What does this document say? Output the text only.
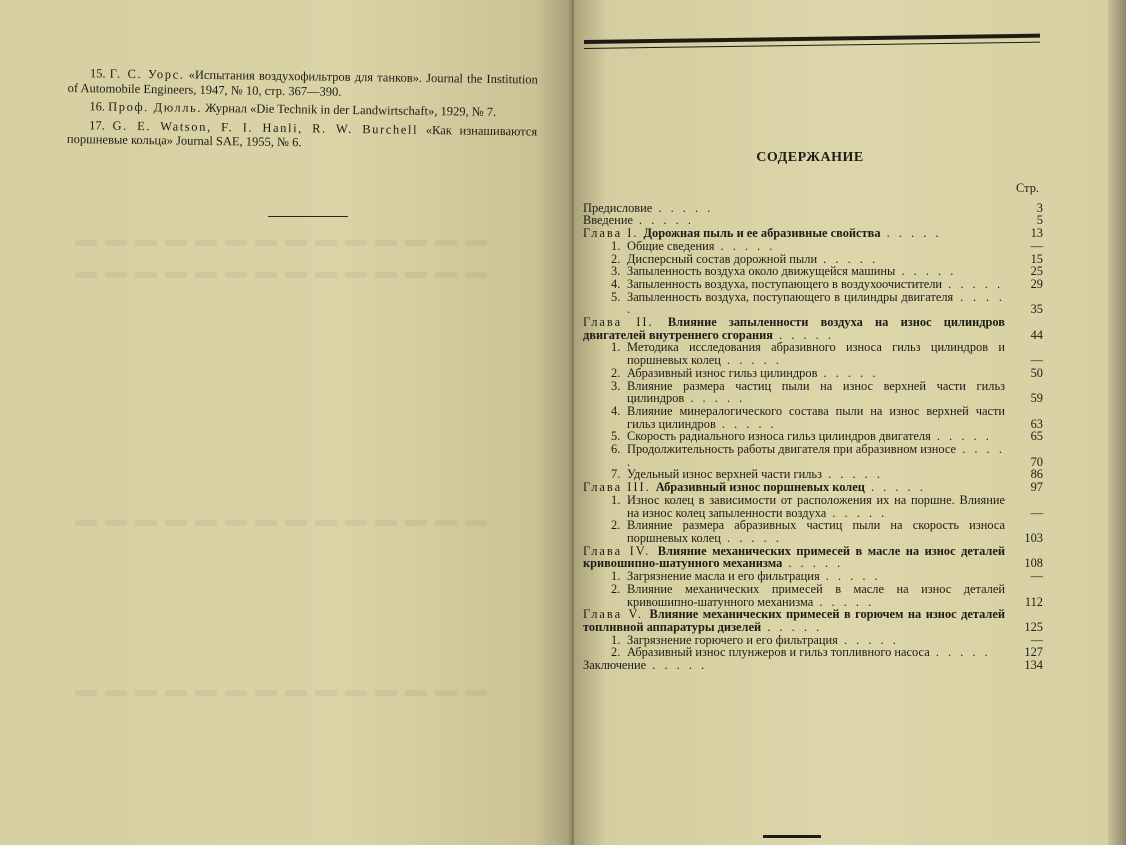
15. Г. С. Уорс. «Испытания воздухофильтров для танков». Journal the Institution of Automobile Engineers, 1947, № 10, стр. 367—390.

16. Проф. Дюлль. Журнал «Die Technik in der Landwirtschaft», 1929, № 7.

17. G. E. Watson, F. I. Hanli, R. W. Burchell «Как изнашиваются поршневые кольца» Journal SAE, 1955, № 6.

СОДЕРЖАНИЕ
Стр.
Предисловие . . . . .	3
Введение . . . . .	5
Глава I. Дорожная пыль и ее абразивные свойства . . . . .	13
1. Общие сведения . . . . .	—
2. Дисперсный состав дорожной пыли . . . . .	15
3. Запыленность воздуха около движущейся машины . . . . .	25
4. Запыленность воздуха, поступающего в воздухоочистители . . . . .	29
5. Запыленность воздуха, поступающего в цилиндры двигателя . . . . .	35
Глава II. Влияние запыленности воздуха на износ цилиндров двигателей внутреннего сгорания . . . . .	44
1. Методика исследования абразивного износа гильз цилиндров и поршневых колец . . . . .	—
2. Абразивный износ гильз цилиндров . . . . .	50
3. Влияние размера частиц пыли на износ верхней части гильз цилиндров . . . . .	59
4. Влияние минералогического состава пыли на износ верхней части гильз цилиндров . . . . .	63
5. Скорость радиального износа гильз цилиндров двигателя . . . . .	65
6. Продолжительность работы двигателя при абразивном износе . . . . .	70
7. Удельный износ верхней части гильз . . . . .	86
Глава III. Абразивный износ поршневых колец . . . . .	97
1. Износ колец в зависимости от расположения их на поршне. Влияние на износ колец запыленности воздуха . . . . .	—
2. Влияние размера абразивных частиц пыли на скорость износа поршневых колец . . . . .	103
Глава IV. Влияние механических примесей в масле на износ деталей кривошипно-шатунного механизма . . . . .	108
1. Загрязнение масла и его фильтрация . . . . .	—
2. Влияние механических примесей в масле на износ деталей кривошипно-шатунного механизма . . . . .	112
Глава V. Влияние механических примесей в горючем на износ деталей топливной аппаратуры дизелей . . . . .	125
1. Загрязнение горючего и его фильтрация . . . . .	—
2. Абразивный износ плунжеров и гильз топливного насоса . . . . .	127
Заключение . . . . .	134
